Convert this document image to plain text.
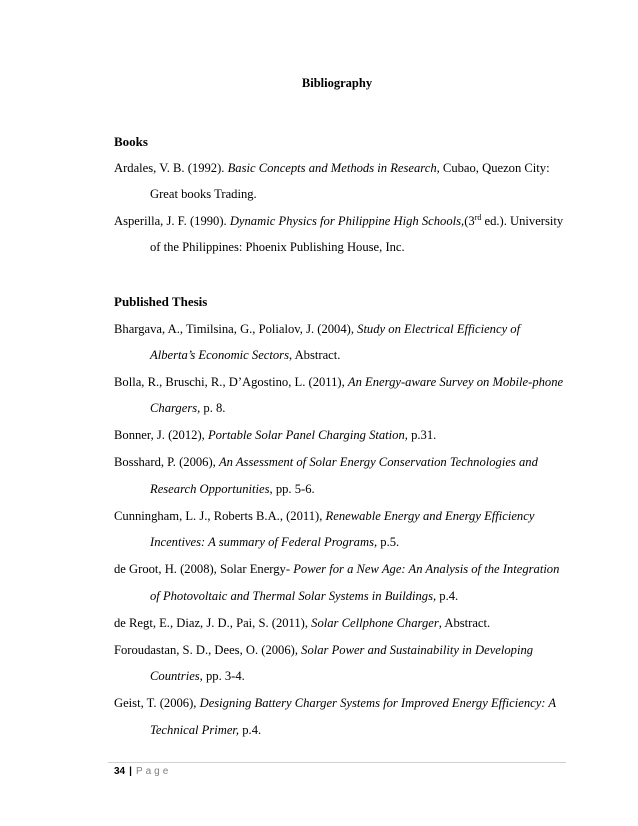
Bibliography
Books
Ardales, V. B. (1992). Basic Concepts and Methods in Research, Cubao, Quezon City:
Great books Trading.
Asperilla, J. F. (1990). Dynamic Physics for Philippine High Schools,(3rd ed.). University
of the Philippines: Phoenix Publishing House, Inc.
Published Thesis
Bhargava, A., Timilsina, G., Polialov, J. (2004), Study on Electrical Efficiency of
Alberta’s Economic Sectors, Abstract.
Bolla, R., Bruschi, R., D’Agostino, L. (2011), An Energy-aware Survey on Mobile-phone
Chargers, p. 8.
Bonner, J. (2012), Portable Solar Panel Charging Station, p.31.
Bosshard, P. (2006), An Assessment of Solar Energy Conservation Technologies and
Research Opportunities, pp. 5-6.
Cunningham, L. J., Roberts B.A., (2011), Renewable Energy and Energy Efficiency
Incentives: A summary of Federal Programs, p.5.
de Groot, H. (2008), Solar Energy- Power for a New Age: An Analysis of the Integration
of Photovoltaic and Thermal Solar Systems in Buildings, p.4.
de Regt, E., Diaz, J. D., Pai, S. (2011), Solar Cellphone Charger, Abstract.
Foroudastan, S. D., Dees, O. (2006), Solar Power and Sustainability in Developing
Countries, pp. 3-4.
Geist, T. (2006), Designing Battery Charger Systems for Improved Energy Efficiency: A
Technical Primer, p.4.
34 | Page
